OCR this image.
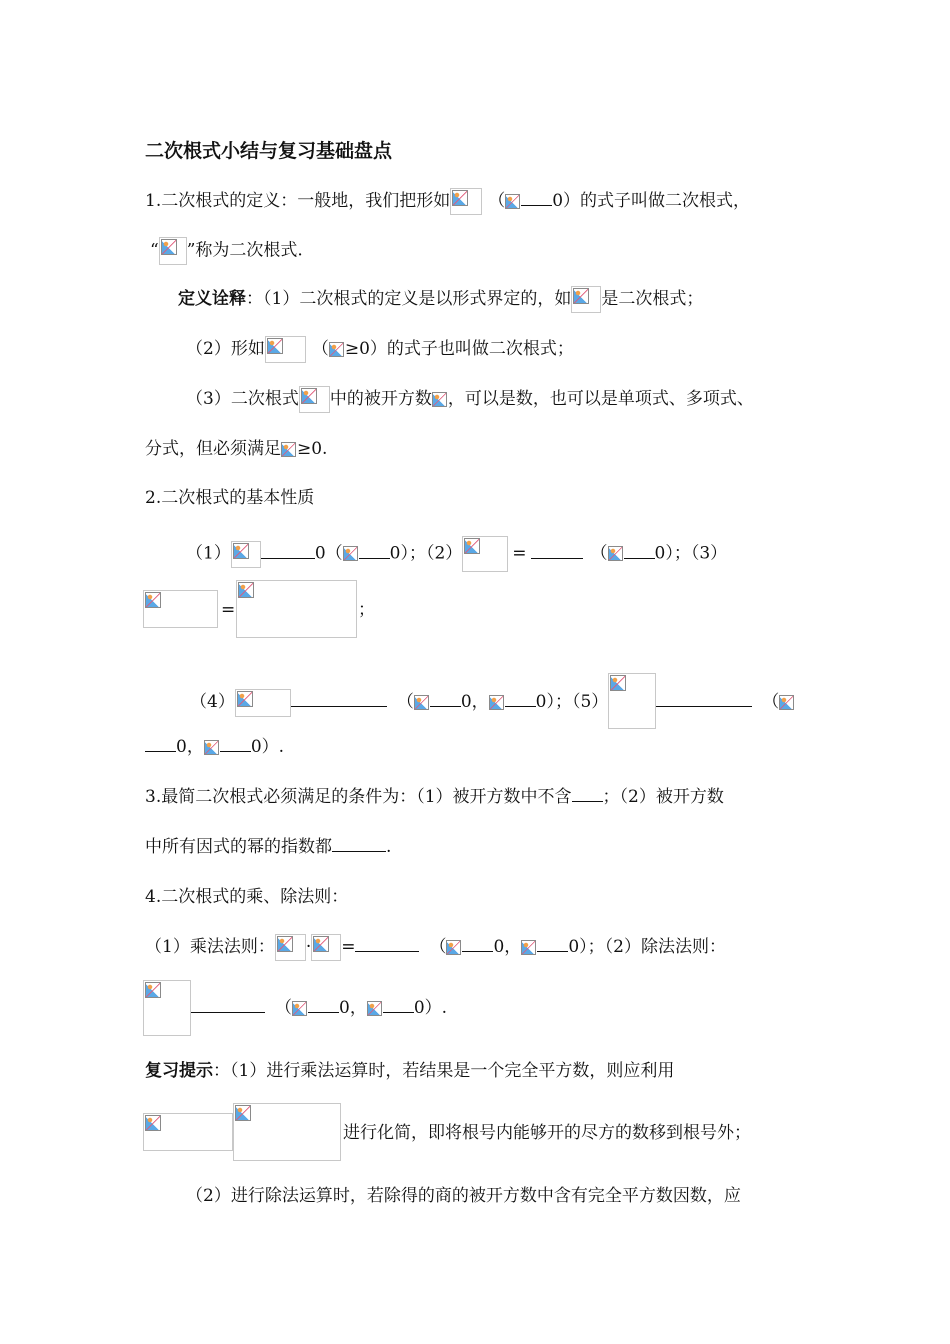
二次根式小结与复习基础盘点
1.二次根式的定义：一般地，我们把形如 （	0）的式子叫做二次根式，
“ ”称为二次根式.
定义诠释：（1）二次根式的定义是以形式界定的，如 是二次根式；
（2）形如	（ ≥0）的式子也叫做二次根式；
（3）二次根式 中的被开方数 ，可以是数，也可以是单项式、多项式、
分式，但必须满足 ≥0.
2.二次根式的基本性质
（1）	0（	0）；（2）	=	（	0）；（3）
=	；
（4）	（	0，	0）；（5）	（
0，	0）.
3.最简二次根式必须满足的条件为：（1）被开方数中不含 ；（2）被开方数
中所有因式的幂的指数都	.
4.二次根式的乘、除法则：
（1）乘法法则： · =	（	0，	0）；（2）除法法则：
（	0，	0）.
复习提示：（1）进行乘法运算时，若结果是一个完全平方数，则应利用
进行化简，即将根号内能够开的尽方的数移到根号外；
（2）进行除法运算时，若除得的商的被开方数中含有完全平方数因数，应
